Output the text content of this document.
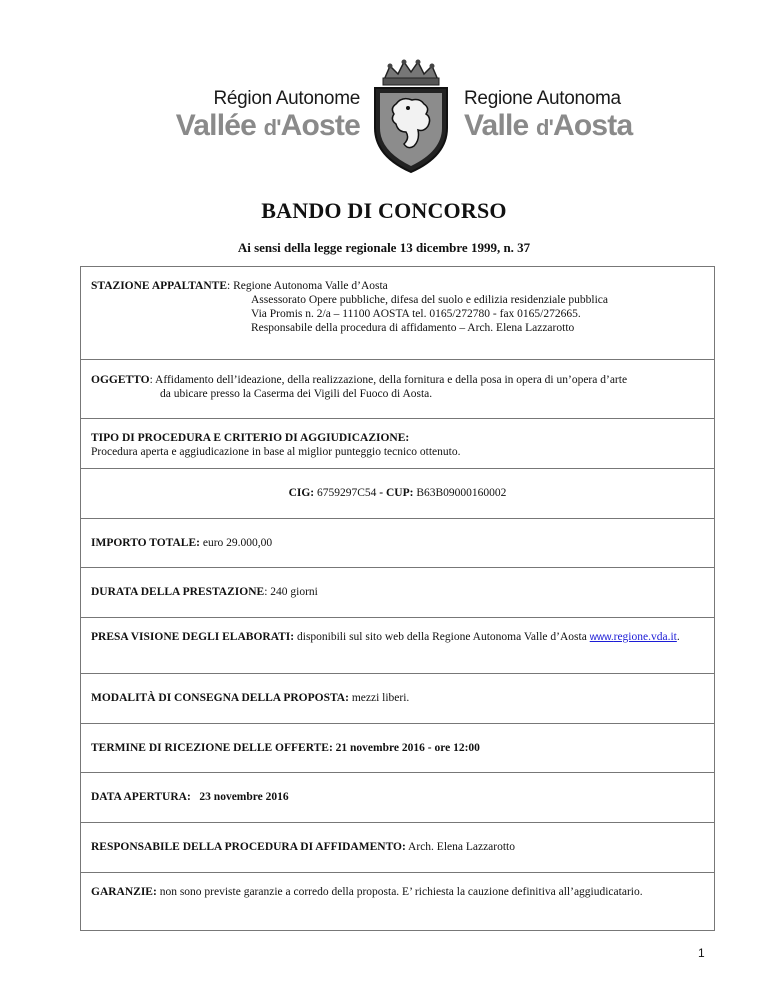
Région Autonome
Vallée d'Aoste
Regione Autonoma
Valle d'Aosta
BANDO DI CONCORSO
Ai sensi della legge regionale 13 dicembre 1999, n. 37
STAZIONE APPALTANTE: Regione Autonoma Valle d’Aosta
Assessorato Opere pubbliche, difesa del suolo e edilizia residenziale pubblica
Via Promis n. 2/a – 11100 AOSTA tel. 0165/272780 - fax 0165/272665.
Responsabile della procedura di affidamento – Arch. Elena Lazzarotto
OGGETTO: Affidamento dell’ideazione, della realizzazione, della fornitura e della posa in opera di un’opera d’arte
da ubicare presso la Caserma dei Vigili del Fuoco di Aosta.
TIPO DI PROCEDURA E CRITERIO DI AGGIUDICAZIONE:
Procedura aperta e aggiudicazione in base al miglior punteggio tecnico ottenuto.
CIG: 6759297C54 - CUP: B63B09000160002
IMPORTO TOTALE: euro 29.000,00
DURATA DELLA PRESTAZIONE: 240 giorni
PRESA VISIONE DEGLI ELABORATI: disponibili sul sito web della Regione Autonoma Valle d’Aosta www.regione.vda.it.
MODALITÀ DI CONSEGNA DELLA PROPOSTA: mezzi liberi.
TERMINE DI RICEZIONE DELLE OFFERTE: 21 novembre 2016 - ore 12:00
DATA APERTURA:   23 novembre 2016
RESPONSABILE DELLA PROCEDURA DI AFFIDAMENTO: Arch. Elena Lazzarotto
GARANZIE: non sono previste garanzie a corredo della proposta. E’ richiesta la cauzione definitiva all’aggiudicatario.
1
